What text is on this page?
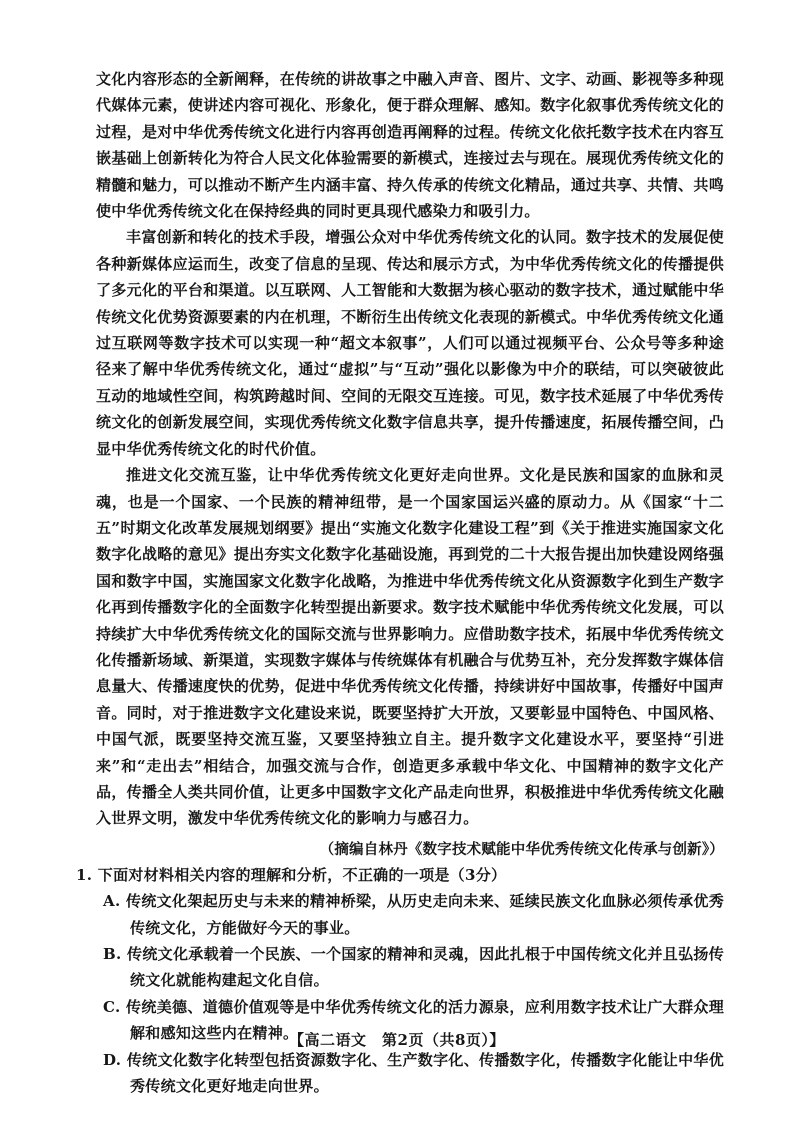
文化内容形态的全新阐释，在传统的讲故事之中融入声音、图片、文字、动画、影视等多种现代媒体元素，使讲述内容可视化、形象化，便于群众理解、感知。数字化叙事优秀传统文化的过程，是对中华优秀传统文化进行内容再创造再阐释的过程。传统文化依托数字技术在内容互嵌基础上创新转化为符合人民文化体验需要的新模式，连接过去与现在。展现优秀传统文化的精髓和魅力，可以推动不断产生内涵丰富、持久传承的传统文化精品，通过共享、共情、共鸣使中华优秀传统文化在保持经典的同时更具现代感染力和吸引力。

丰富创新和转化的技术手段，增强公众对中华优秀传统文化的认同。数字技术的发展促使各种新媒体应运而生，改变了信息的呈现、传达和展示方式，为中华优秀传统文化的传播提供了多元化的平台和渠道。以互联网、人工智能和大数据为核心驱动的数字技术，通过赋能中华传统文化优势资源要素的内在机理，不断衍生出传统文化表现的新模式。中华优秀传统文化通过互联网等数字技术可以实现一种“超文本叙事”，人们可以通过视频平台、公众号等多种途径来了解中华优秀传统文化，通过“虚拟”与“互动”强化以影像为中介的联结，可以突破彼此互动的地域性空间，构筑跨越时间、空间的无限交互连接。可见，数字技术延展了中华优秀传统文化的创新发展空间，实现优秀传统文化数字信息共享，提升传播速度，拓展传播空间，凸显中华优秀传统文化的时代价值。

推进文化交流互鉴，让中华优秀传统文化更好走向世界。文化是民族和国家的血脉和灵魂，也是一个国家、一个民族的精神纽带，是一个国家国运兴盛的原动力。从《国家“十二五”时期文化改革发展规划纲要》提出“实施文化数字化建设工程”到《关于推进实施国家文化数字化战略的意见》提出夯实文化数字化基础设施，再到党的二十大报告提出加快建设网络强国和数字中国，实施国家文化数字化战略，为推进中华优秀传统文化从资源数字化到生产数字化再到传播数字化的全面数字化转型提出新要求。数字技术赋能中华优秀传统文化发展，可以持续扩大中华优秀传统文化的国际交流与世界影响力。应借助数字技术，拓展中华优秀传统文化传播新场域、新渠道，实现数字媒体与传统媒体有机融合与优势互补，充分发挥数字媒体信息量大、传播速度快的优势，促进中华优秀传统文化传播，持续讲好中国故事，传播好中国声音。同时，对于推进数字文化建设来说，既要坚持扩大开放，又要彰显中国特色、中国风格、中国气派，既要坚持交流互鉴，又要坚持独立自主。提升数字文化建设水平，要坚持“引进来”和“走出去”相结合，加强交流与合作，创造更多承载中华文化、中国精神的数字文化产品，传播全人类共同价值，让更多中国数字文化产品走向世界，积极推进中华优秀传统文化融入世界文明，激发中华优秀传统文化的影响力与感召力。

（摘编自林丹《数字技术赋能中华优秀传统文化传承与创新》）

1. 下面对材料相关内容的理解和分析，不正确的一项是（3分）

A. 传统文化架起历史与未来的精神桥梁，从历史走向未来、延续民族文化血脉必须传承优秀传统文化，方能做好今天的事业。

B. 传统文化承载着一个民族、一个国家的精神和灵魂，因此扎根于中国传统文化并且弘扬传统文化就能构建起文化自信。

C. 传统美德、道德价值观等是中华优秀传统文化的活力源泉，应利用数字技术让广大群众理解和感知这些内在精神。

D. 传统文化数字化转型包括资源数字化、生产数字化、传播数字化，传播数字化能让中华优秀传统文化更好地走向世界。

【高二语文　第2页（共8页）】
